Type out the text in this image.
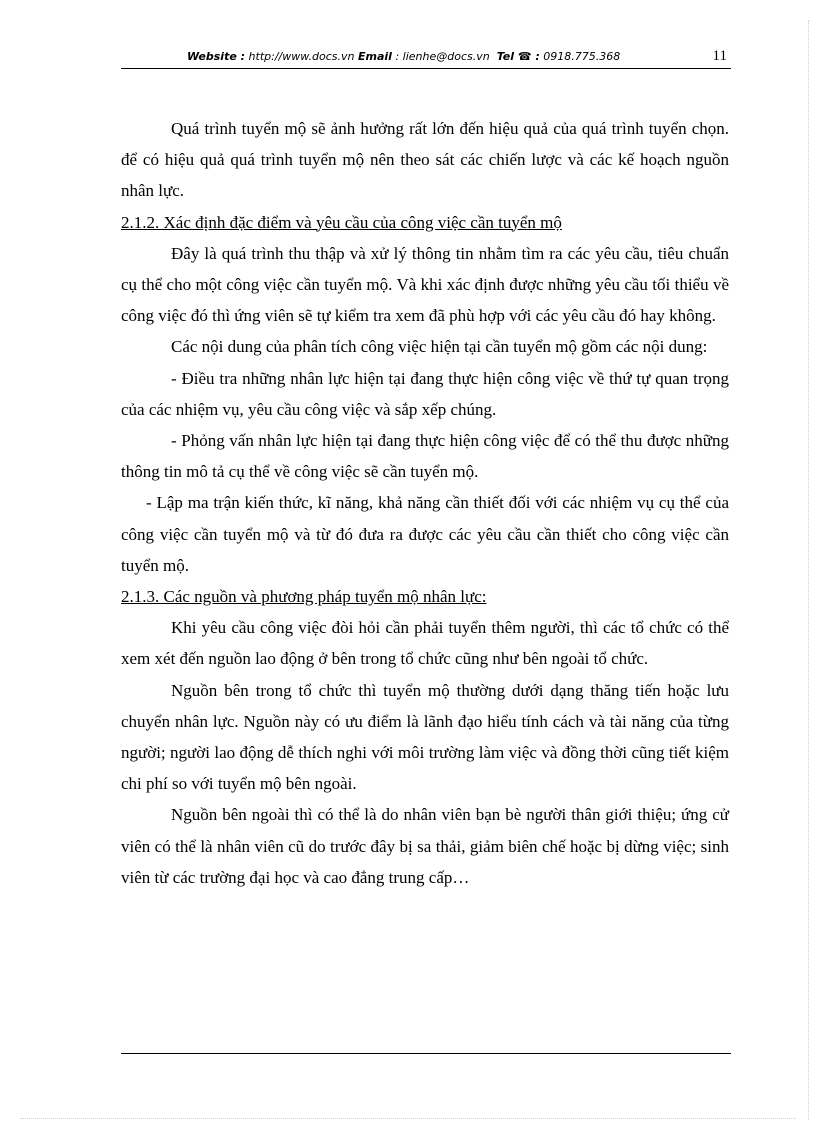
Website : http://www.docs.vn Email : lienhe@docs.vn Tel ☎ : 0918.775.368	11

Quá trình tuyển mộ sẽ ảnh hưởng rất lớn đến hiệu quả của quá trình tuyển chọn. để có hiệu quả quá trình tuyển mộ nên theo sát các chiến lược và các kế hoạch nguồn nhân lực.

2.1.2. Xác định đặc điểm và yêu cầu của công việc cần tuyển mộ

Đây là quá trình thu thập và xử lý thông tin nhằm tìm ra các yêu cầu, tiêu chuẩn cụ thể cho một công việc cần tuyển mộ. Và khi xác định được những yêu cầu tối thiểu về công việc đó thì ứng viên sẽ tự kiểm tra xem đã phù hợp với các yêu cầu đó hay không.

Các nội dung của phân tích công việc hiện tại cần tuyển mộ gồm các nội dung:

- Điều tra những nhân lực hiện tại đang thực hiện công việc về thứ tự quan trọng của các nhiệm vụ, yêu cầu công việc và sắp xếp chúng.

- Phỏng vấn nhân lực hiện tại đang thực hiện công việc để có thể thu được những thông tin mô tả cụ thể về công việc sẽ cần tuyển mộ.

- Lập ma trận kiến thức, kĩ năng, khả năng cần thiết đối với các nhiệm vụ cụ thể của công việc cần tuyển mộ và từ đó đưa ra được các yêu cầu cần thiết cho công việc cần tuyển mộ.

2.1.3. Các nguồn và phương pháp tuyển mộ nhân lực:

Khi yêu cầu công việc đòi hỏi cần phải tuyển thêm người, thì các tổ chức có thể xem xét đến nguồn lao động ở bên trong tổ chức cũng như bên ngoài tổ chức.

Nguồn bên trong tổ chức thì tuyển mộ thường dưới dạng thăng tiến hoặc lưu chuyển nhân lực. Nguồn này có ưu điểm là lãnh đạo hiểu tính cách và tài năng của từng người; người lao động dễ thích nghi với môi trường làm việc và đồng thời cũng tiết kiệm chi phí so với tuyển mộ bên ngoài.

Nguồn bên ngoài thì có thể là do nhân viên bạn bè người thân giới thiệu; ứng cử viên có thể là nhân viên cũ do trước đây bị sa thải, giảm biên chế hoặc bị dừng việc; sinh viên từ các trường đại học và cao đẳng trung cấp…
